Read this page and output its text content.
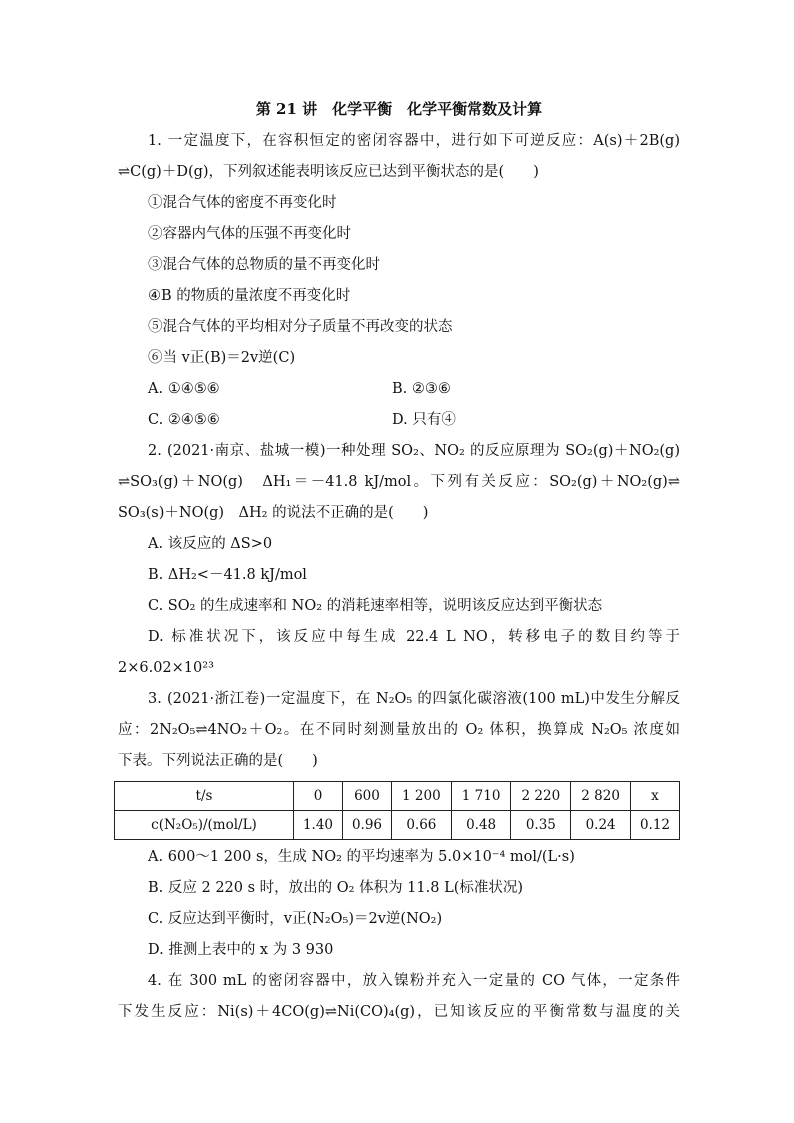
第 21 讲　化学平衡　化学平衡常数及计算
1. 一定温度下，在容积恒定的密闭容器中，进行如下可逆反应：A(s)＋2B(g)
⇌C(g)＋D(g)，下列叙述能表明该反应已达到平衡状态的是(　　)
①混合气体的密度不再变化时
②容器内气体的压强不再变化时
③混合气体的总物质的量不再变化时
④B 的物质的量浓度不再变化时
⑤混合气体的平均相对分子质量不再改变的状态
⑥当 v正(B)＝2v逆(C)
A. ①④⑤⑥	B. ②③⑥
C. ②④⑤⑥	D. 只有④
2. (2021·南京、盐城一模)一种处理 SO₂、NO₂ 的反应原理为 SO₂(g)＋NO₂(g)
⇌SO₃(g)＋NO(g)　ΔH₁＝－41.8 kJ/mol。下列有关反应：SO₂(g)＋NO₂(g)⇌
SO₃(s)＋NO(g)　ΔH₂ 的说法不正确的是(　　)
A. 该反应的 ΔS>0
B. ΔH₂<－41.8 kJ/mol
C. SO₂ 的生成速率和 NO₂ 的消耗速率相等，说明该反应达到平衡状态
D. 标准状况下，该反应中每生成 22.4 L NO，转移电子的数目约等于
2×6.02×10²³
3. (2021·浙江卷)一定温度下，在 N₂O₅ 的四氯化碳溶液(100 mL)中发生分解反
应：2N₂O₅⇌4NO₂＋O₂。在不同时刻测量放出的 O₂ 体积，换算成 N₂O₅ 浓度如
下表。下列说法正确的是(　　)
t/s	0	600	1 200	1 710	2 220	2 820	x
c(N₂O₅)/(mol/L)	1.40	0.96	0.66	0.48	0.35	0.24	0.12
A. 600～1 200 s，生成 NO₂ 的平均速率为 5.0×10⁻⁴ mol/(L·s)
B. 反应 2 220 s 时，放出的 O₂ 体积为 11.8 L(标准状况)
C. 反应达到平衡时，v正(N₂O₅)＝2v逆(NO₂)
D. 推测上表中的 x 为 3 930
4. 在 300 mL 的密闭容器中，放入镍粉并充入一定量的 CO 气体，一定条件
下发生反应：Ni(s)＋4CO(g)⇌Ni(CO)₄(g)，已知该反应的平衡常数与温度的关
